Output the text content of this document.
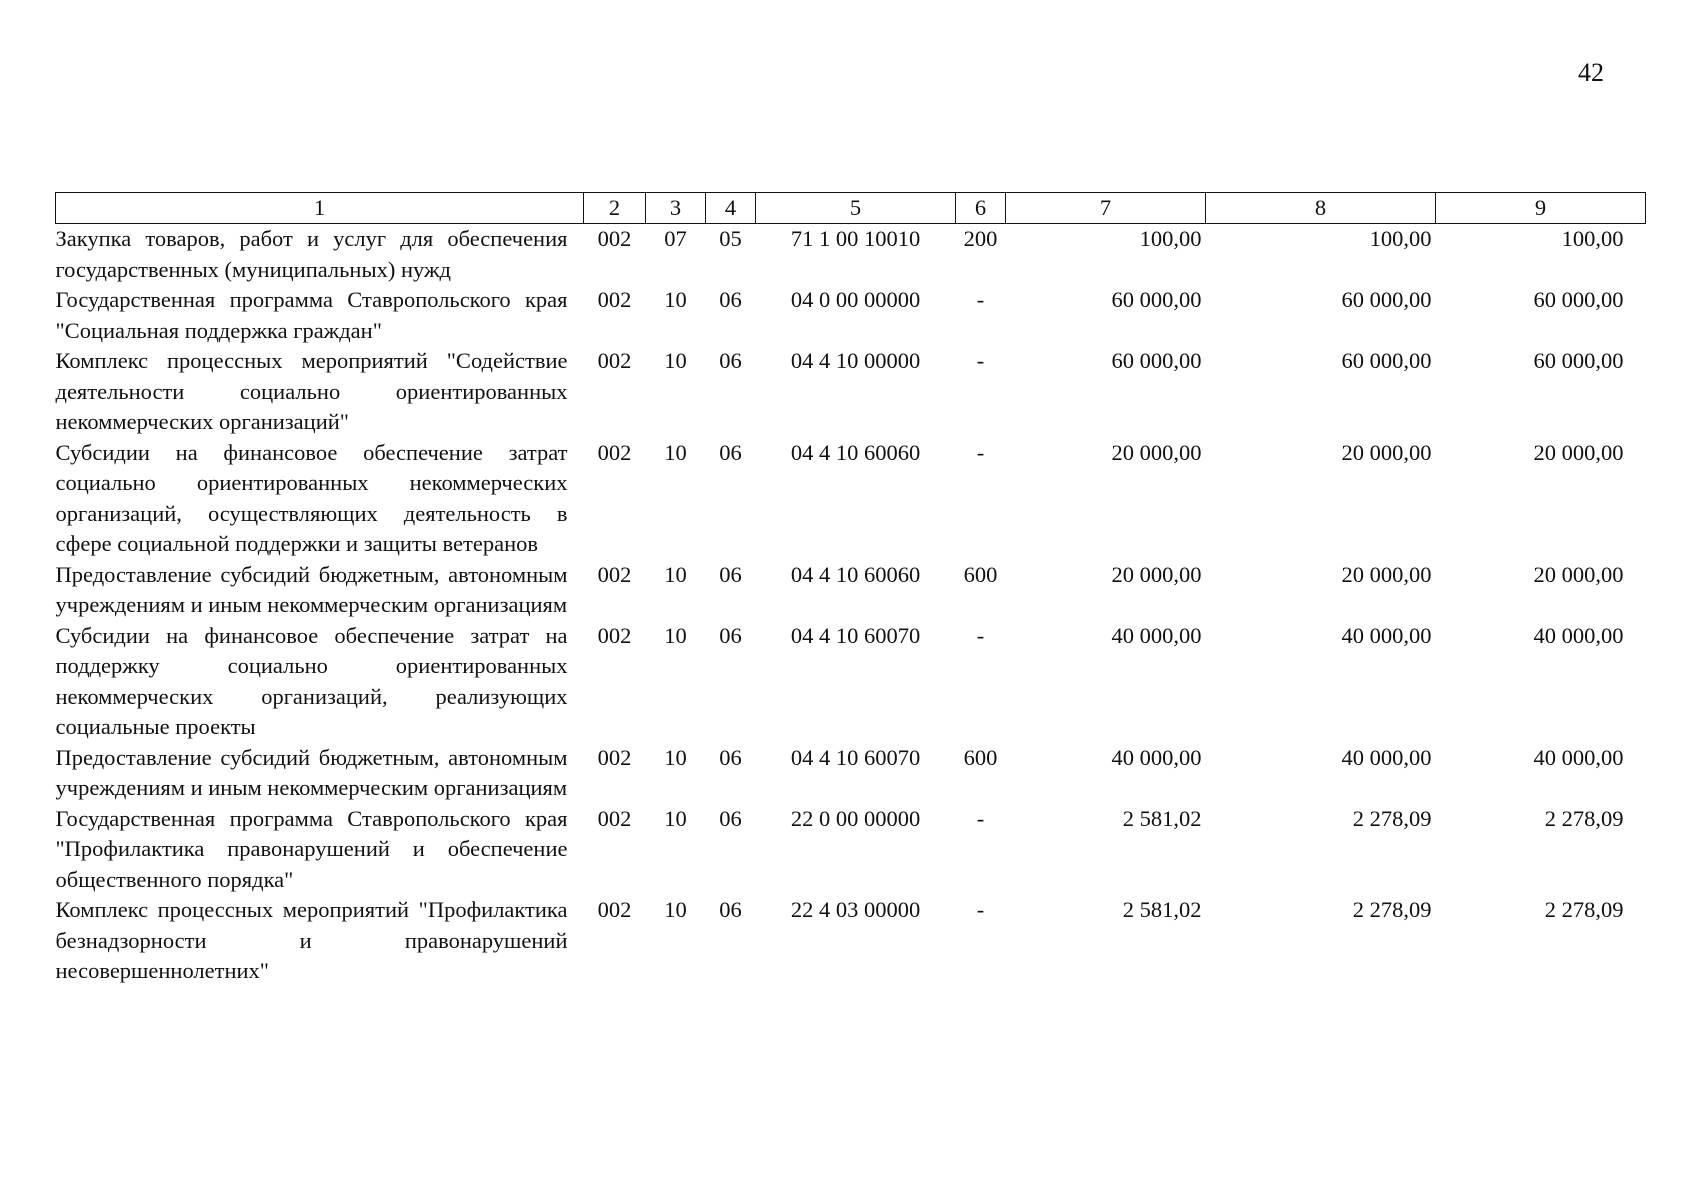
42
1	2	3	4	5	6	7	8	9
Закупка товаров, работ и услуг для обеспечения государственных (муниципальных) нужд	002	07	05	71 1 00 10010	200	100,00	100,00	100,00
Государственная программа Ставропольского края "Социальная поддержка граждан"	002	10	06	04 0 00 00000	-	60 000,00	60 000,00	60 000,00
Комплекс процессных мероприятий "Содействие деятельности социально ориентированных некоммерческих организаций"	002	10	06	04 4 10 00000	-	60 000,00	60 000,00	60 000,00
Субсидии на финансовое обеспечение затрат социально ориентированных некоммерческих организаций, осуществляющих деятельность в сфере социальной поддержки и защиты ветеранов	002	10	06	04 4 10 60060	-	20 000,00	20 000,00	20 000,00
Предоставление субсидий бюджетным, автономным учреждениям и иным некоммерческим организациям	002	10	06	04 4 10 60060	600	20 000,00	20 000,00	20 000,00
Субсидии на финансовое обеспечение затрат на поддержку социально ориентированных некоммерческих организаций, реализующих социальные проекты	002	10	06	04 4 10 60070	-	40 000,00	40 000,00	40 000,00
Предоставление субсидий бюджетным, автономным учреждениям и иным некоммерческим организациям	002	10	06	04 4 10 60070	600	40 000,00	40 000,00	40 000,00
Государственная программа Ставропольского края "Профилактика правонарушений и обеспечение общественного порядка"	002	10	06	22 0 00 00000	-	2 581,02	2 278,09	2 278,09
Комплекс процессных мероприятий "Профилактика безнадзорности и правонарушений несовершеннолетних"	002	10	06	22 4 03 00000	-	2 581,02	2 278,09	2 278,09
